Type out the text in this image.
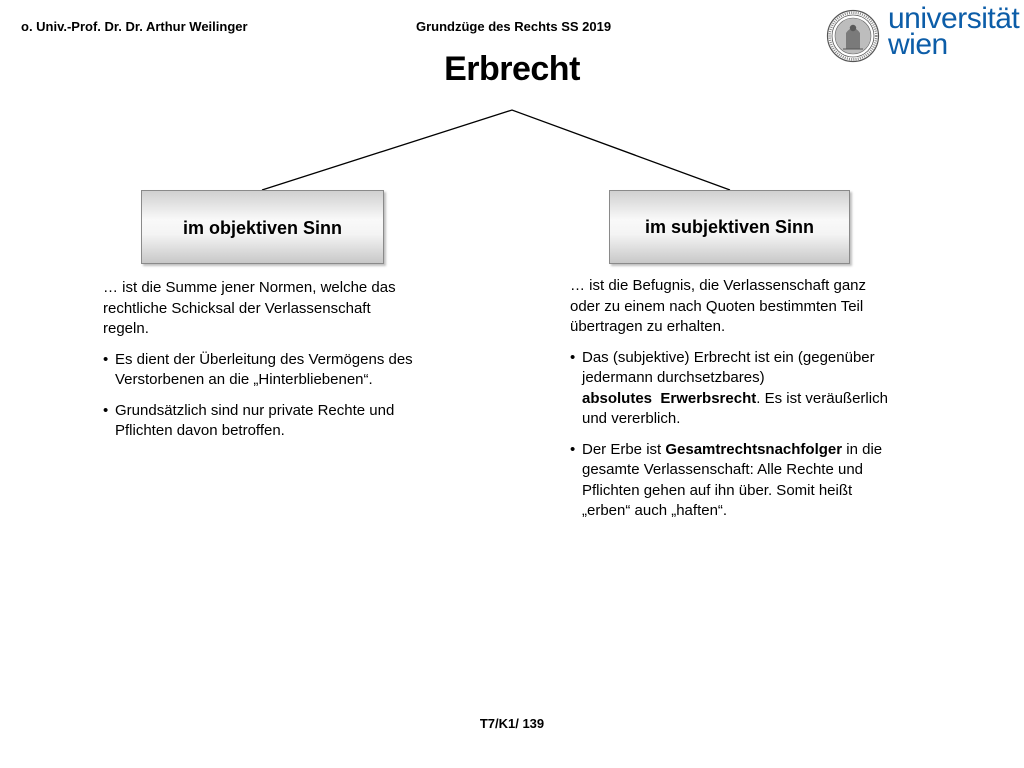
o. Univ.-Prof. Dr. Dr. Arthur Weilinger	Grundzüge des Rechts SS 2019	universität
wien
Erbrecht
im objektiven Sinn	im subjektiven Sinn

… ist die Summe jener Normen, welche das rechtliche Schicksal der Verlassenschaft regeln.

• Es dient der Überleitung des Vermögens des Verstorbenen an die „Hinterbliebenen“.

• Grundsätzlich sind nur private Rechte und Pflichten davon betroffen.

… ist die Befugnis, die Verlassenschaft ganz oder zu einem nach Quoten bestimmten Teil übertragen zu erhalten.

• Das (subjektive) Erbrecht ist ein (gegenüber jedermann durchsetzbares) absolutes  Erwerbsrecht. Es ist veräußerlich und vererblich.

• Der Erbe ist Gesamtrechtsnachfolger in die gesamte Verlassenschaft: Alle Rechte und Pflichten gehen auf ihn über. Somit heißt „erben“ auch „haften“.

T7/K1/ 139
